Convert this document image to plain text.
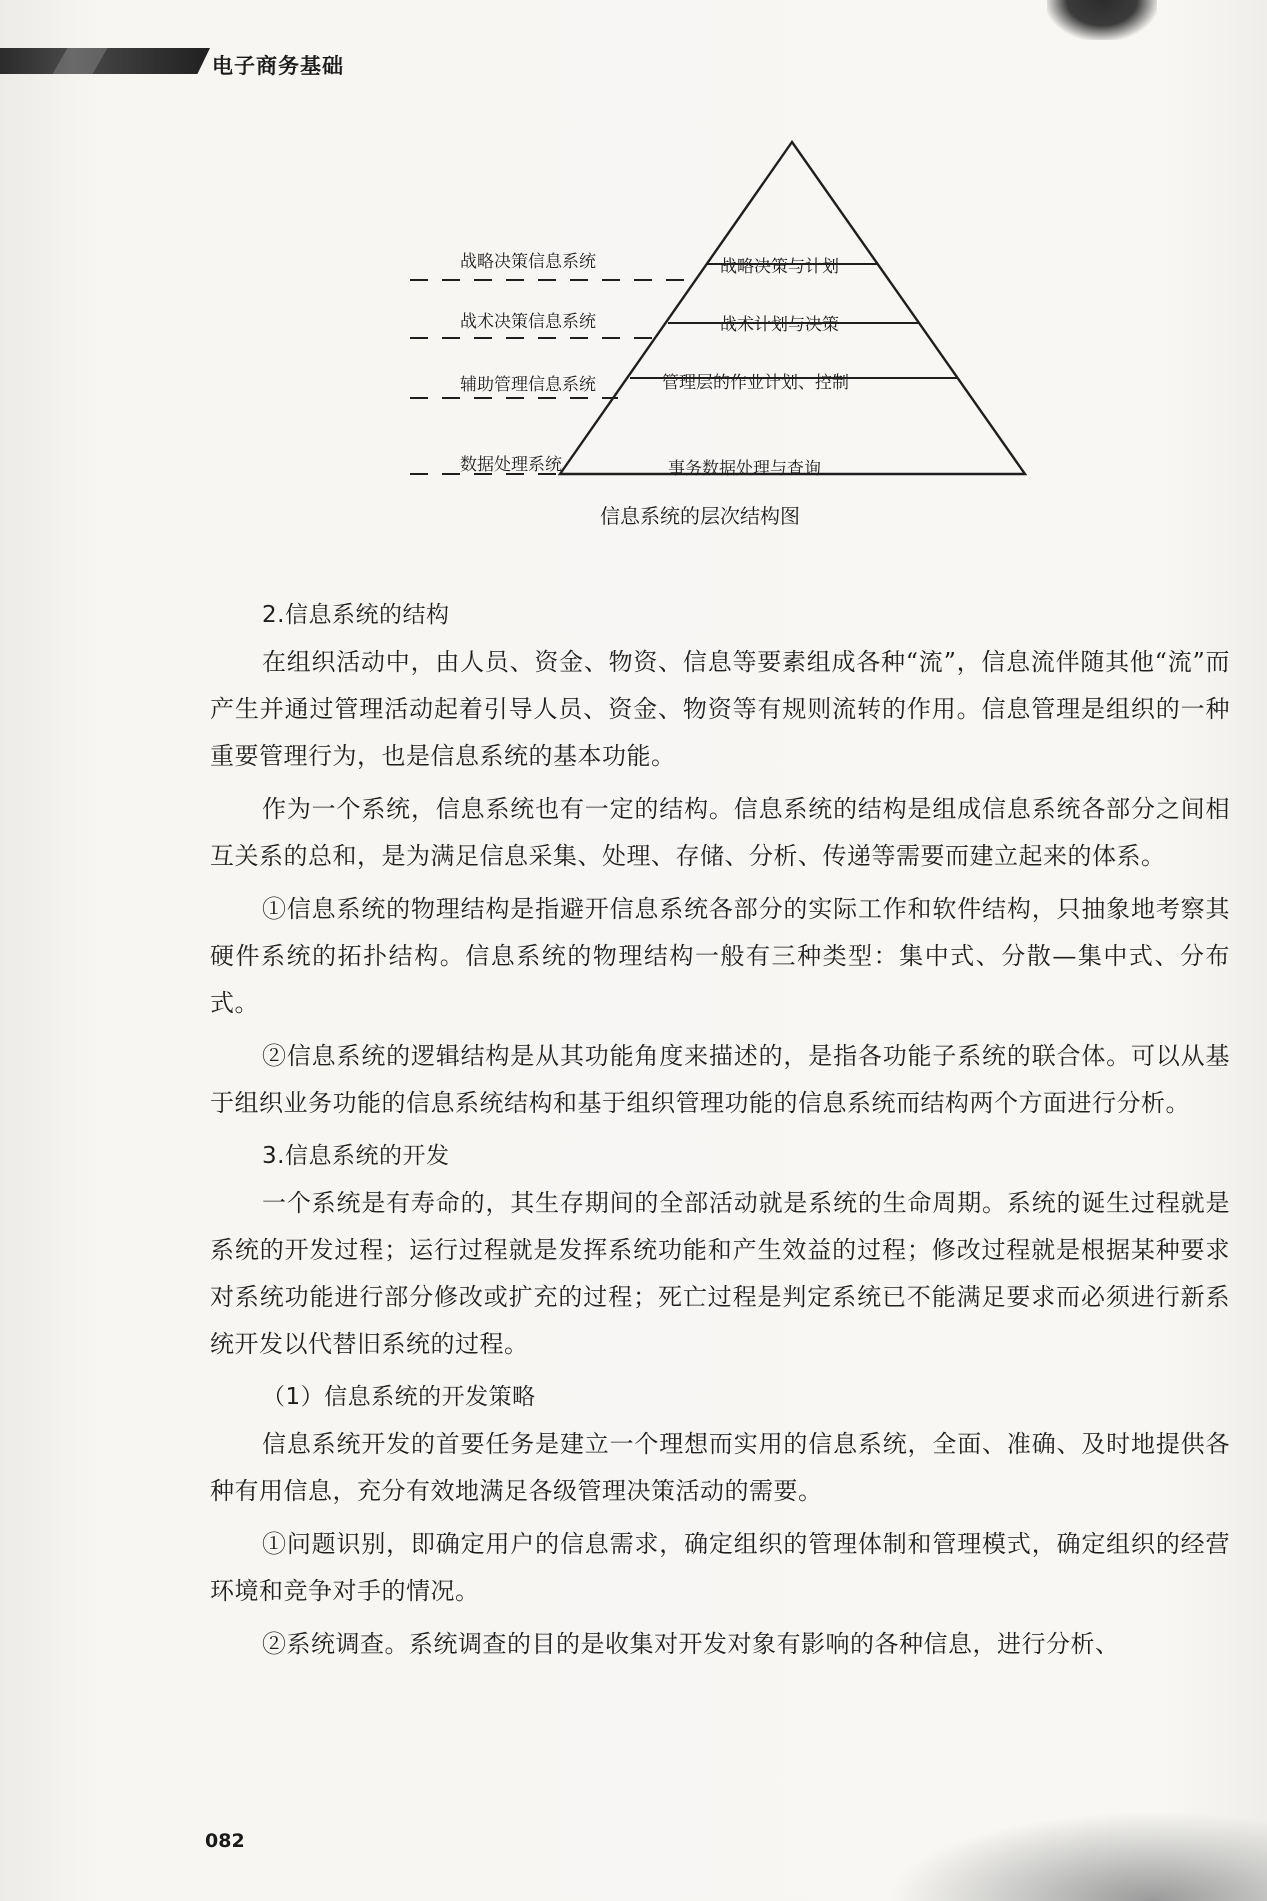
电子商务基础
战略决策信息系统
战术决策信息系统
辅助管理信息系统
数据处理系统
战略决策与计划
战术计划与决策
管理层的作业计划、控制
事务数据处理与查询
信息系统的层次结构图
2.信息系统的结构

在组织活动中，由人员、资金、物资、信息等要素组成各种“流”，信息流伴随其他“流”而产生并通过管理活动起着引导人员、资金、物资等有规则流转的作用。信息管理是组织的一种重要管理行为，也是信息系统的基本功能。

作为一个系统，信息系统也有一定的结构。信息系统的结构是组成信息系统各部分之间相互关系的总和，是为满足信息采集、处理、存储、分析、传递等需要而建立起来的体系。

①信息系统的物理结构是指避开信息系统各部分的实际工作和软件结构，只抽象地考察其硬件系统的拓扑结构。信息系统的物理结构一般有三种类型：集中式、分散—集中式、分布式。

②信息系统的逻辑结构是从其功能角度来描述的，是指各功能子系统的联合体。可以从基于组织业务功能的信息系统结构和基于组织管理功能的信息系统而结构两个方面进行分析。

3.信息系统的开发

一个系统是有寿命的，其生存期间的全部活动就是系统的生命周期。系统的诞生过程就是系统的开发过程；运行过程就是发挥系统功能和产生效益的过程；修改过程就是根据某种要求对系统功能进行部分修改或扩充的过程；死亡过程是判定系统已不能满足要求而必须进行新系统开发以代替旧系统的过程。

（1）信息系统的开发策略

信息系统开发的首要任务是建立一个理想而实用的信息系统，全面、准确、及时地提供各种有用信息，充分有效地满足各级管理决策活动的需要。

①问题识别，即确定用户的信息需求，确定组织的管理体制和管理模式，确定组织的经营环境和竞争对手的情况。

②系统调查。系统调查的目的是收集对开发对象有影响的各种信息，进行分析、

082
